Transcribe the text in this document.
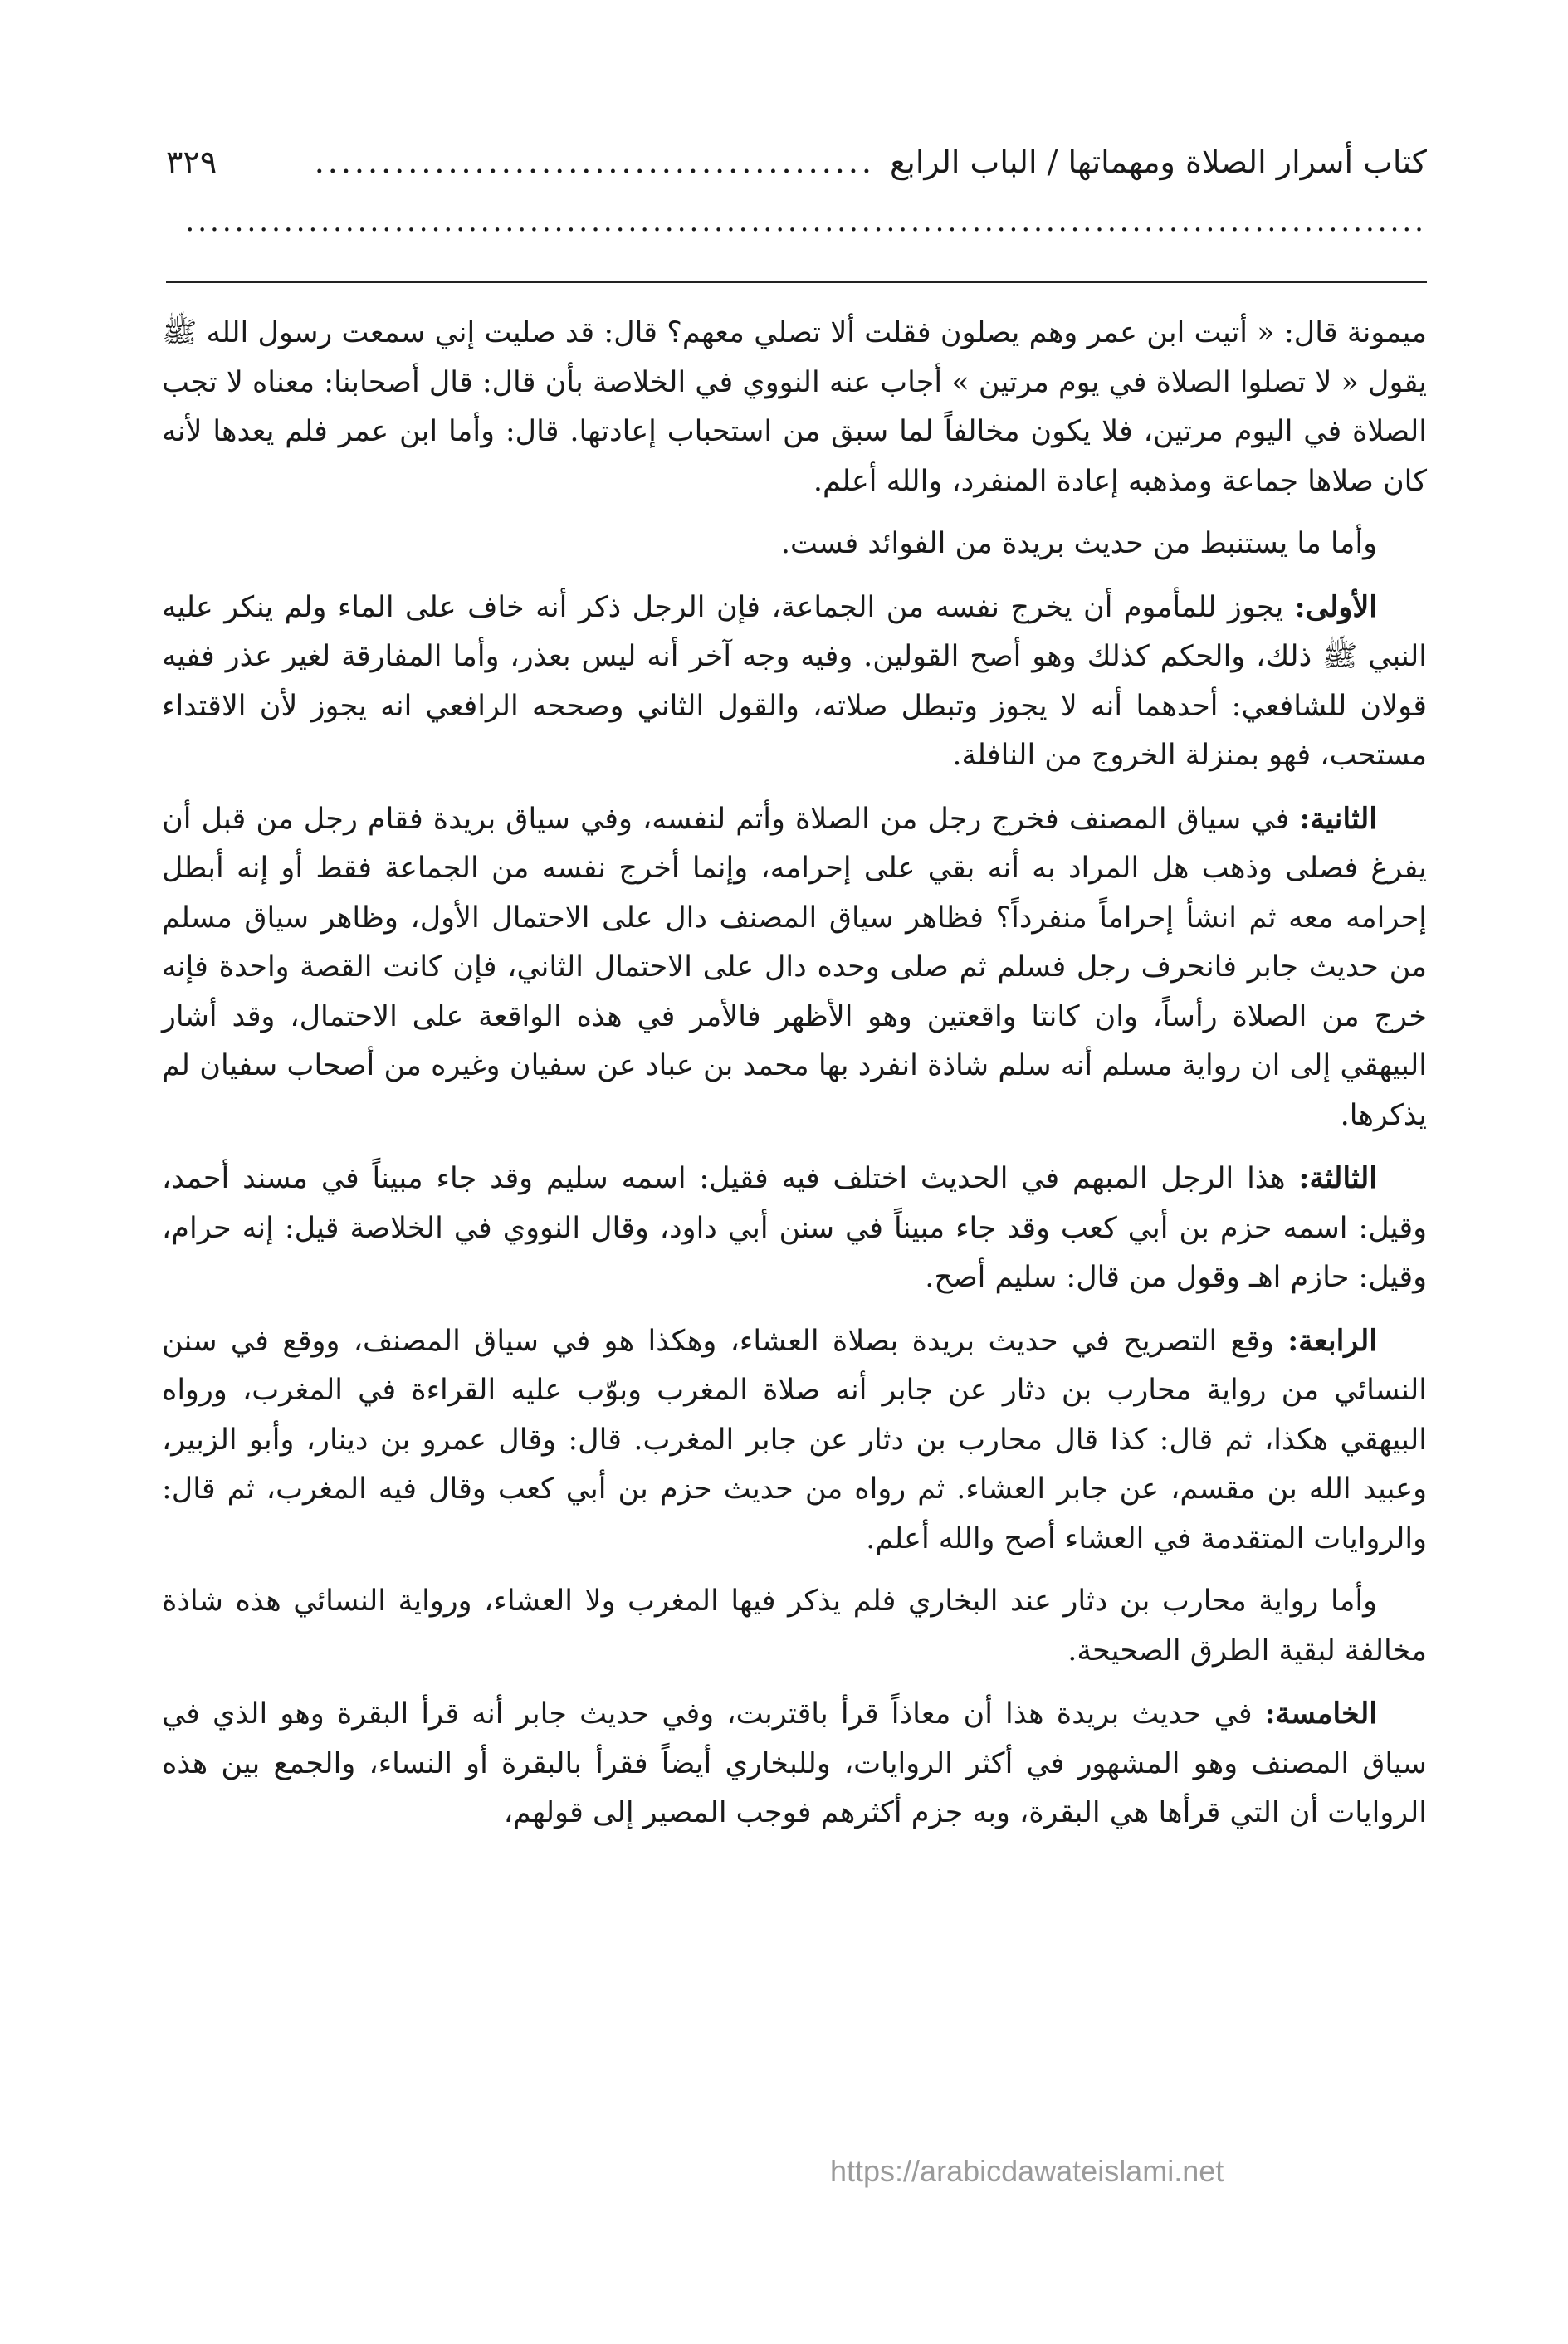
كتاب أسرار الصلاة ومهماتها / الباب الرابع
..........................................
٣٢٩
.....................................................................................................

ميمونة قال: « أتيت ابن عمر وهم يصلون فقلت ألا تصلي معهم؟ قال: قد صليت إني سمعت رسول الله ﷺ يقول « لا تصلوا الصلاة في يوم مرتين » أجاب عنه النووي في الخلاصة بأن قال: قال أصحابنا: معناه لا تجب الصلاة في اليوم مرتين، فلا يكون مخالفاً لما سبق من استحباب إعادتها. قال: وأما ابن عمر فلم يعدها لأنه كان صلاها جماعة ومذهبه إعادة المنفرد، والله أعلم.

وأما ما يستنبط من حديث بريدة من الفوائد فست.

الأولى: يجوز للمأموم أن يخرج نفسه من الجماعة، فإن الرجل ذكر أنه خاف على الماء ولم ينكر عليه النبي ﷺ ذلك، والحكم كذلك وهو أصح القولين. وفيه وجه آخر أنه ليس بعذر، وأما المفارقة لغير عذر ففيه قولان للشافعي: أحدهما أنه لا يجوز وتبطل صلاته، والقول الثاني وصححه الرافعي انه يجوز لأن الاقتداء مستحب، فهو بمنزلة الخروج من النافلة.

الثانية: في سياق المصنف فخرج رجل من الصلاة وأتم لنفسه، وفي سياق بريدة فقام رجل من قبل أن يفرغ فصلى وذهب هل المراد به أنه بقي على إحرامه، وإنما أخرج نفسه من الجماعة فقط أو إنه أبطل إحرامه معه ثم انشأ إحراماً منفرداً؟ فظاهر سياق المصنف دال على الاحتمال الأول، وظاهر سياق مسلم من حديث جابر فانحرف رجل فسلم ثم صلى وحده دال على الاحتمال الثاني، فإن كانت القصة واحدة فإنه خرج من الصلاة رأساً، وان كانتا واقعتين وهو الأظهر فالأمر في هذه الواقعة على الاحتمال، وقد أشار البيهقي إلى ان رواية مسلم أنه سلم شاذة انفرد بها محمد بن عباد عن سفيان وغيره من أصحاب سفيان لم يذكرها.

الثالثة: هذا الرجل المبهم في الحديث اختلف فيه فقيل: اسمه سليم وقد جاء مبيناً في مسند أحمد، وقيل: اسمه حزم بن أبي كعب وقد جاء مبيناً في سنن أبي داود، وقال النووي في الخلاصة قيل: إنه حرام، وقيل: حازم اهـ وقول من قال: سليم أصح.

الرابعة: وقع التصريح في حديث بريدة بصلاة العشاء، وهكذا هو في سياق المصنف، ووقع في سنن النسائي من رواية محارب بن دثار عن جابر أنه صلاة المغرب وبوّب عليه القراءة في المغرب، ورواه البيهقي هكذا، ثم قال: كذا قال محارب بن دثار عن جابر المغرب. قال: وقال عمرو بن دينار، وأبو الزبير، وعبيد الله بن مقسم، عن جابر العشاء. ثم رواه من حديث حزم بن أبي كعب وقال فيه المغرب، ثم قال: والروايات المتقدمة في العشاء أصح والله أعلم.

وأما رواية محارب بن دثار عند البخاري فلم يذكر فيها المغرب ولا العشاء، ورواية النسائي هذه شاذة مخالفة لبقية الطرق الصحيحة.

الخامسة: في حديث بريدة هذا أن معاذاً قرأ باقتربت، وفي حديث جابر أنه قرأ البقرة وهو الذي في سياق المصنف وهو المشهور في أكثر الروايات، وللبخاري أيضاً فقرأ بالبقرة أو النساء، والجمع بين هذه الروايات أن التي قرأها هي البقرة، وبه جزم أكثرهم فوجب المصير إلى قولهم،

https://arabicdawateislami.net
